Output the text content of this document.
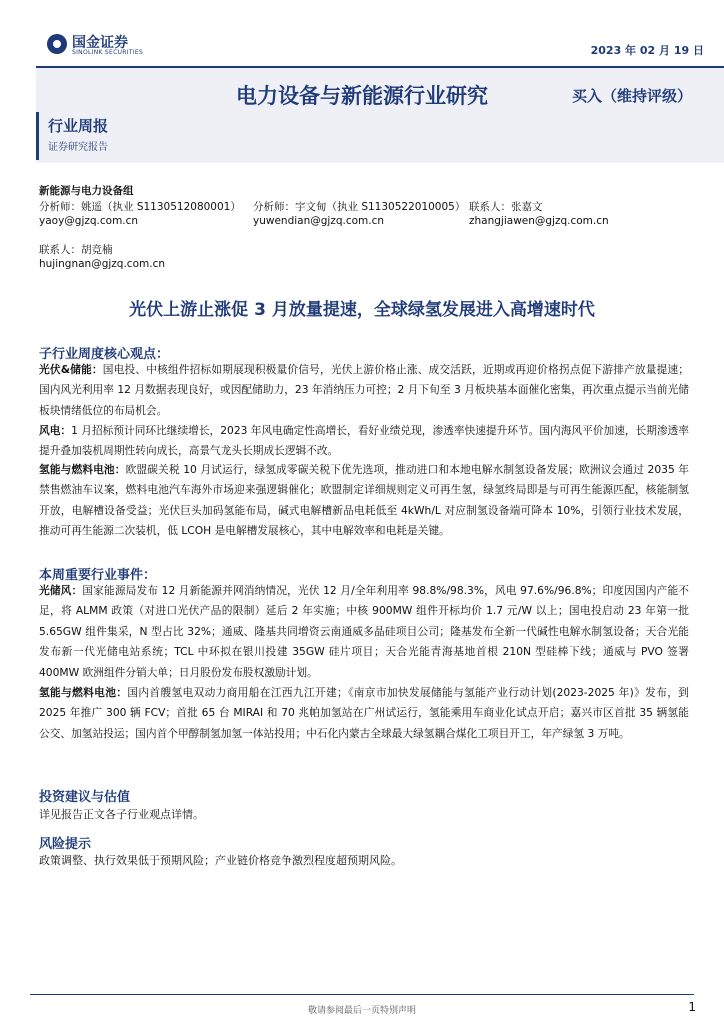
国金证券
SINOLINK SECURITIES	2023 年 02 月 19 日
电力设备与新能源行业研究	买入（维持评级）
行业周报
证券研究报告
新能源与电力设备组
分析师：姚遥（执业 S1130512080001）
yaoy@gjzq.com.cn
分析师：宇文甸（执业 S1130522010005）
yuwendian@gjzq.com.cn
联系人：张嘉文
zhangjiawen@gjzq.com.cn
联系人：胡竞楠
hujingnan@gjzq.com.cn
光伏上游止涨促 3 月放量提速，全球绿氢发展进入高增速时代
子行业周度核心观点：
光伏&储能：国电投、中核组件招标如期展现积极量价信号，光伏上游价格止涨、成交活跃，近期或再迎价格拐点促下游排产放量提速；国内风光利用率 12 月数据表现良好，或因配储助力，23 年消纳压力可控；2 月下旬至 3 月板块基本面催化密集，再次重点提示当前光储板块情绪低位的布局机会。
风电：1 月招标预计同环比继续增长，2023 年风电确定性高增长，看好业绩兑现，渗透率快速提升环节。国内海风平价加速，长期渗透率提升叠加装机周期性转向成长，高景气龙头长期成长逻辑不改。
氢能与燃料电池：欧盟碳关税 10 月试运行，绿氢成零碳关税下优先选项，推动进口和本地电解水制氢设备发展；欧洲议会通过 2035 年禁售燃油车议案，燃料电池汽车海外市场迎来强逻辑催化；欧盟制定详细规则定义可再生氢，绿氢终局即是与可再生能源匹配，核能制氢开放，电解槽设备受益；光伏巨头加码氢能布局，碱式电解槽新品电耗低至 4kWh/L 对应制氢设备端可降本 10%，引领行业技术发展，推动可再生能源二次装机，低 LCOH 是电解槽发展核心，其中电解效率和电耗是关键。
本周重要行业事件：
光储风：国家能源局发布 12 月新能源并网消纳情况，光伏 12 月/全年利用率 98.8%/98.3%，风电 97.6%/96.8%；印度因国内产能不足，将 ALMM 政策（对进口光伏产品的限制）延后 2 年实施；中核 900MW 组件开标均价 1.7 元/W 以上；国电投启动 23 年第一批 5.65GW 组件集采，N 型占比 32%；通威、隆基共同增资云南通威多晶硅项目公司；隆基发布全新一代碱性电解水制氢设备；天合光能发布新一代光储电站系统；TCL 中环拟在银川投建 35GW 硅片项目；天合光能青海基地首根 210N 型硅棒下线；通威与 PVO 签署 400MW 欧洲组件分销大单；日月股份发布股权激励计划。
氢能与燃料电池：国内首艘氢电双动力商用船在江西九江开建；《南京市加快发展储能与氢能产业行动计划(2023-2025 年)》发布，到 2025 年推广 300 辆 FCV；首批 65 台 MIRAI 和 70 兆帕加氢站在广州试运行，氢能乘用车商业化试点开启；嘉兴市区首批 35 辆氢能公交、加氢站投运；国内首个甲醇制氢加氢一体站投用；中石化内蒙古全球最大绿氢耦合煤化工项目开工，年产绿氢 3 万吨。
投资建议与估值
详见报告正文各子行业观点详情。
风险提示
政策调整、执行效果低于预期风险；产业链价格竞争激烈程度超预期风险。
敬请参阅最后一页特别声明	1
